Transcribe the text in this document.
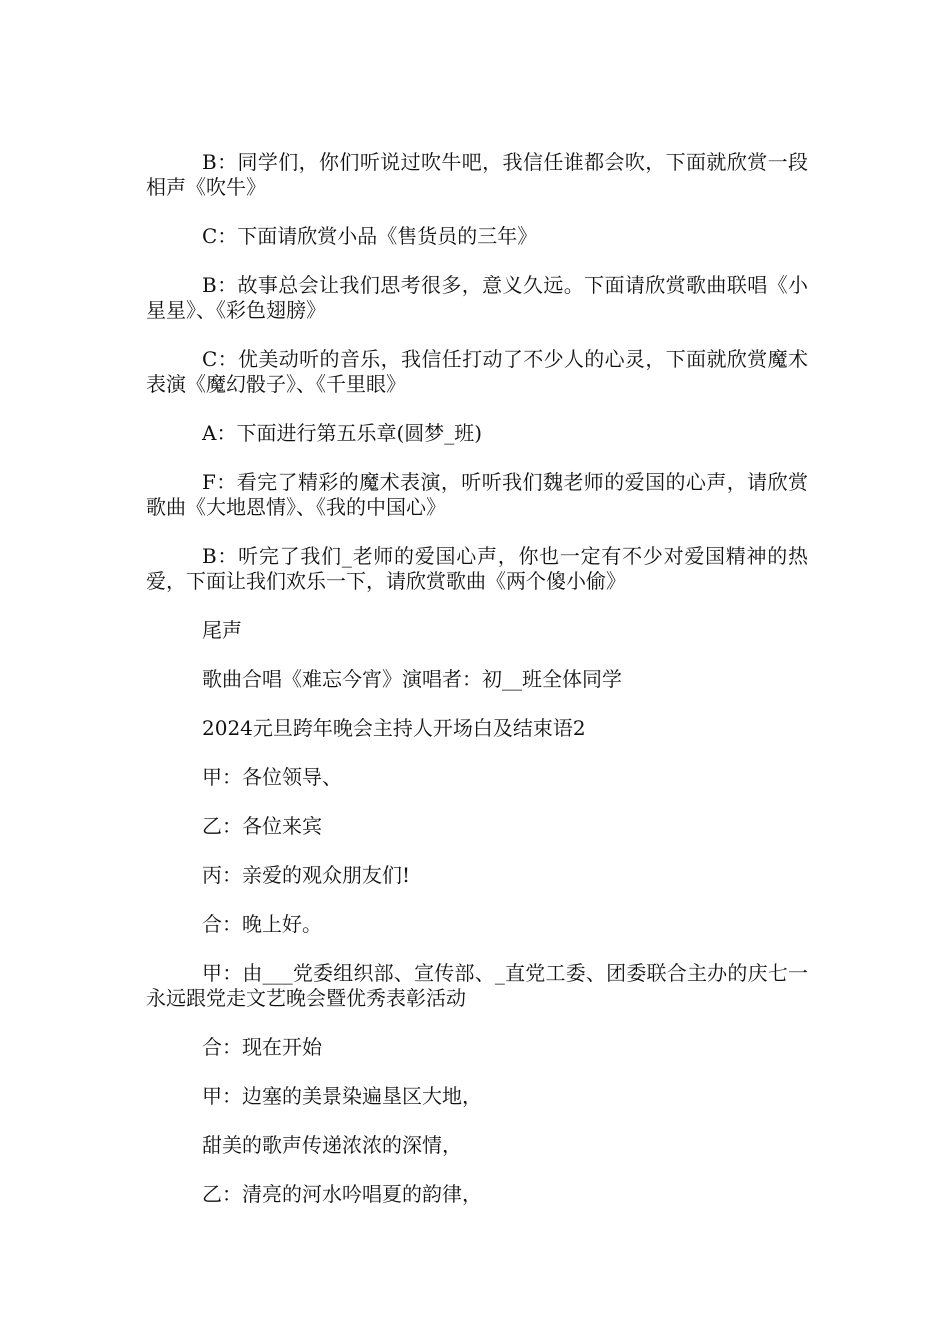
B：同学们，你们听说过吹牛吧，我信任谁都会吹，下面就欣赏一段相声《吹牛》

C：下面请欣赏小品《售货员的三年》

B：故事总会让我们思考很多，意义久远。下面请欣赏歌曲联唱《小星星》、《彩色翅膀》

C：优美动听的音乐，我信任打动了不少人的心灵，下面就欣赏魔术表演《魔幻骰子》、《千里眼》

A：下面进行第五乐章(圆梦_班)

F：看完了精彩的魔术表演，听听我们魏老师的爱国的心声，请欣赏歌曲《大地恩情》、《我的中国心》

B：听完了我们_老师的爱国心声，你也一定有不少对爱国精神的热爱，下面让我们欢乐一下，请欣赏歌曲《两个傻小偷》

尾声

歌曲合唱《难忘今宵》演唱者：初__班全体同学

2024元旦跨年晚会主持人开场白及结束语2

甲：各位领导、

乙：各位来宾

丙：亲爱的观众朋友们!

合：晚上好。

甲：由___党委组织部、宣传部、_直党工委、团委联合主办的庆七一永远跟党走文艺晚会暨优秀表彰活动

合：现在开始

甲：边塞的美景染遍垦区大地，

甜美的歌声传递浓浓的深情，

乙：清亮的河水吟唱夏的韵律，
